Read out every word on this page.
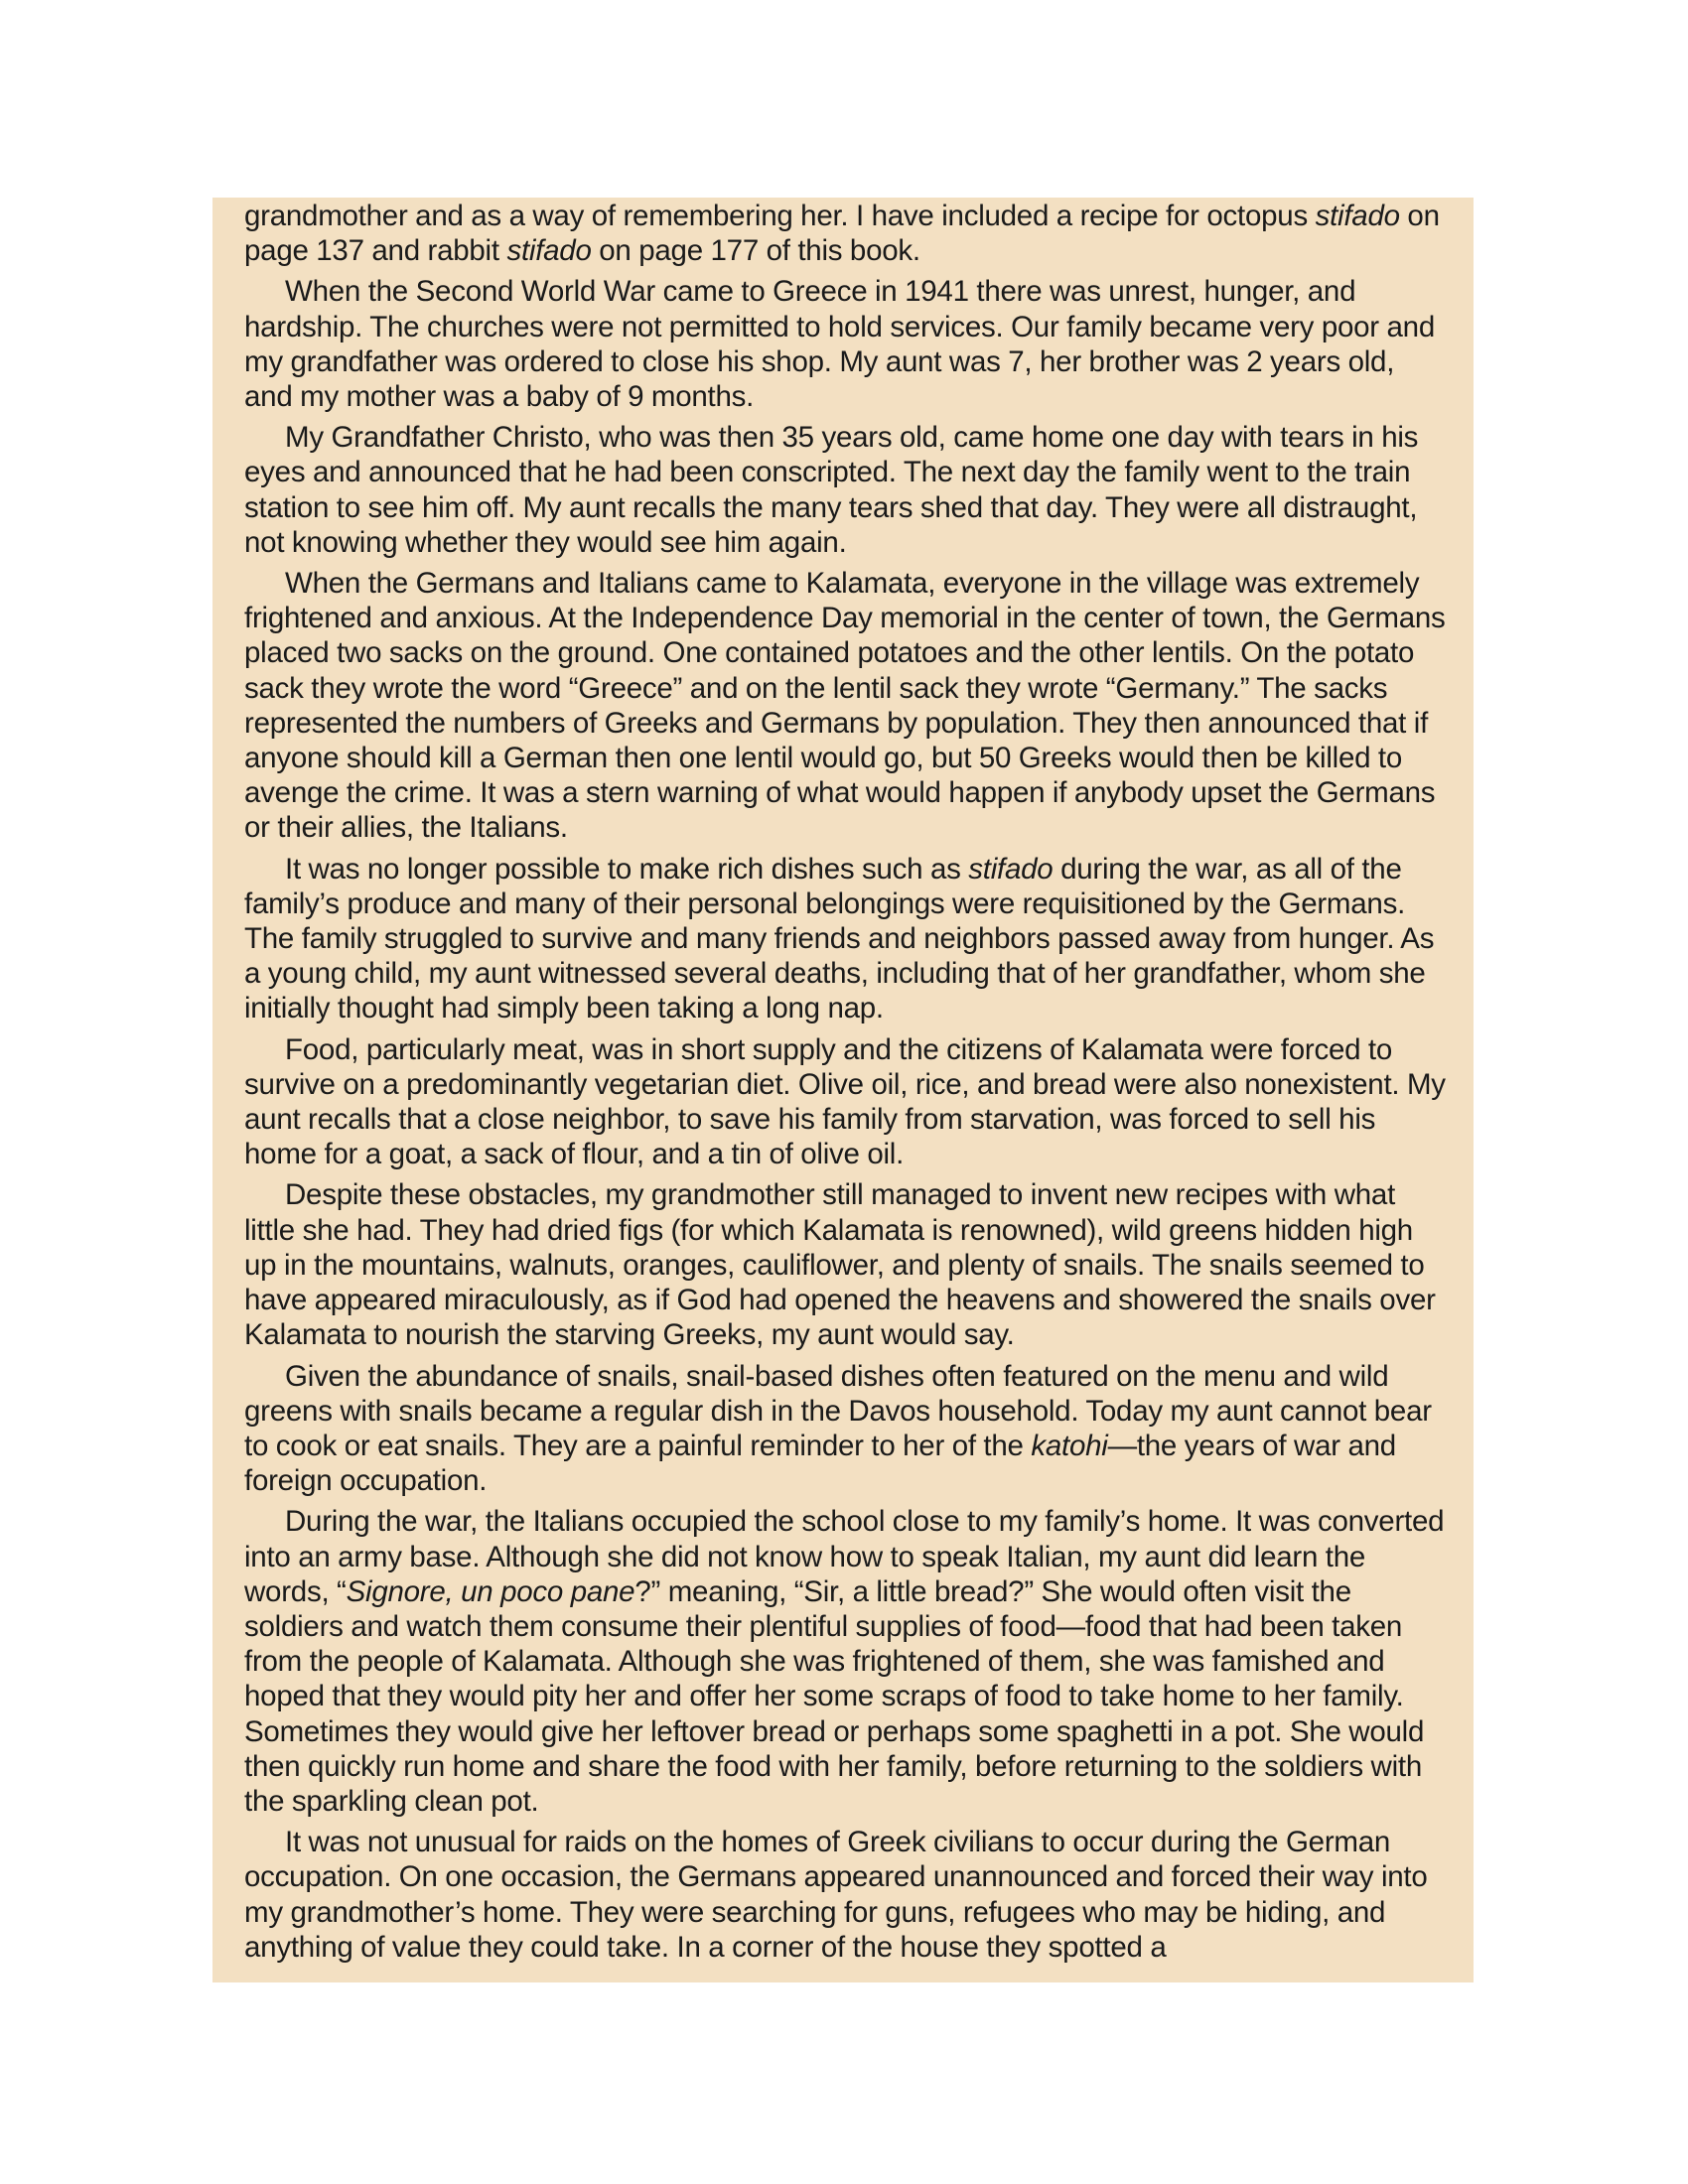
grandmother and as a way of remembering her. I have included a recipe for octopus stifado on page 137 and rabbit stifado on page 177 of this book.

When the Second World War came to Greece in 1941 there was unrest, hunger, and hardship. The churches were not permitted to hold services. Our family became very poor and my grandfather was ordered to close his shop. My aunt was 7, her brother was 2 years old, and my mother was a baby of 9 months.

My Grandfather Christo, who was then 35 years old, came home one day with tears in his eyes and announced that he had been conscripted. The next day the family went to the train station to see him off. My aunt recalls the many tears shed that day. They were all distraught, not knowing whether they would see him again.

When the Germans and Italians came to Kalamata, everyone in the village was extremely frightened and anxious. At the Independence Day memorial in the center of town, the Germans placed two sacks on the ground. One contained potatoes and the other lentils. On the potato sack they wrote the word “Greece” and on the lentil sack they wrote “Germany.” The sacks represented the numbers of Greeks and Germans by population. They then announced that if anyone should kill a German then one lentil would go, but 50 Greeks would then be killed to avenge the crime. It was a stern warning of what would happen if anybody upset the Germans or their allies, the Italians.

It was no longer possible to make rich dishes such as stifado during the war, as all of the family’s produce and many of their personal belongings were requisitioned by the Germans. The family struggled to survive and many friends and neighbors passed away from hunger. As a young child, my aunt witnessed several deaths, including that of her grandfather, whom she initially thought had simply been taking a long nap.

Food, particularly meat, was in short supply and the citizens of Kalamata were forced to survive on a predominantly vegetarian diet. Olive oil, rice, and bread were also nonexistent. My aunt recalls that a close neighbor, to save his family from starvation, was forced to sell his home for a goat, a sack of flour, and a tin of olive oil.

Despite these obstacles, my grandmother still managed to invent new recipes with what little she had. They had dried figs (for which Kalamata is renowned), wild greens hidden high up in the mountains, walnuts, oranges, cauliflower, and plenty of snails. The snails seemed to have appeared miraculously, as if God had opened the heavens and showered the snails over Kalamata to nourish the starving Greeks, my aunt would say.

Given the abundance of snails, snail-based dishes often featured on the menu and wild greens with snails became a regular dish in the Davos household. Today my aunt cannot bear to cook or eat snails. They are a painful reminder to her of the katohi—the years of war and foreign occupation.

During the war, the Italians occupied the school close to my family’s home. It was converted into an army base. Although she did not know how to speak Italian, my aunt did learn the words, “Signore, un poco pane?” meaning, “Sir, a little bread?” She would often visit the soldiers and watch them consume their plentiful supplies of food—food that had been taken from the people of Kalamata. Although she was frightened of them, she was famished and hoped that they would pity her and offer her some scraps of food to take home to her family. Sometimes they would give her leftover bread or perhaps some spaghetti in a pot. She would then quickly run home and share the food with her family, before returning to the soldiers with the sparkling clean pot.

It was not unusual for raids on the homes of Greek civilians to occur during the German occupation. On one occasion, the Germans appeared unannounced and forced their way into my grandmother’s home. They were searching for guns, refugees who may be hiding, and anything of value they could take. In a corner of the house they spotted a
